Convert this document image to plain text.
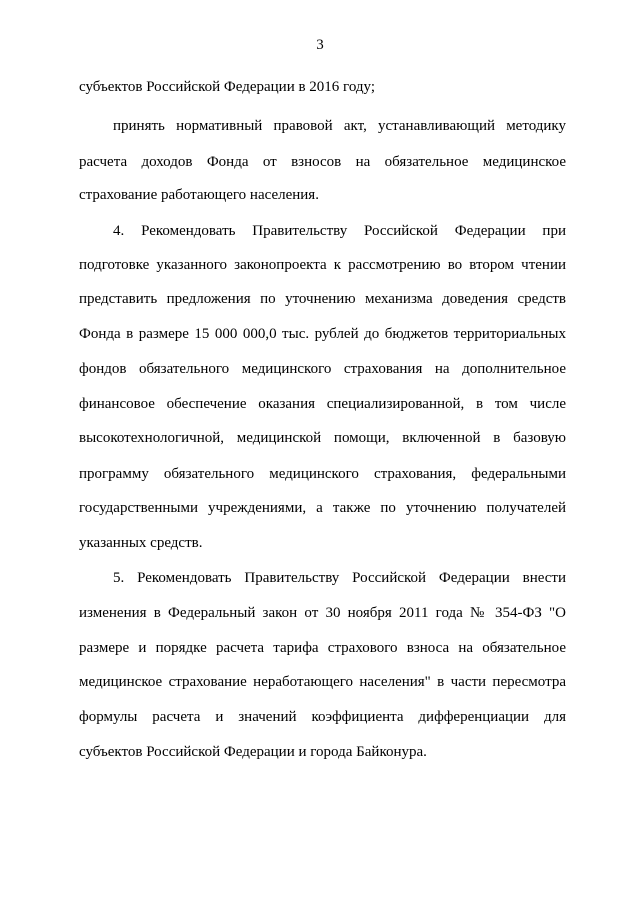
3
субъектов Российской Федерации в 2016 году;
принять нормативный правовой акт, устанавливающий методику
расчета доходов Фонда от взносов на обязательное медицинское
страхование работающего населения.
4. Рекомендовать Правительству Российской Федерации при
подготовке указанного законопроекта к рассмотрению во втором чтении
представить предложения по уточнению механизма доведения средств
Фонда в размере 15 000 000,0 тыс. рублей до бюджетов территориальных
фондов обязательного медицинского страхования на дополнительное
финансовое обеспечение оказания специализированной, в том числе
высокотехнологичной, медицинской помощи, включенной в базовую
программу обязательного медицинского страхования, федеральными
государственными учреждениями, а также по уточнению получателей
указанных средств.
5. Рекомендовать Правительству Российской Федерации внести
изменения в Федеральный закон от 30 ноября 2011 года № 354-ФЗ "О
размере и порядке расчета тарифа страхового взноса на обязательное
медицинское страхование неработающего населения" в части пересмотра
формулы расчета и значений коэффициента дифференциации для
субъектов Российской Федерации и города Байконура.
